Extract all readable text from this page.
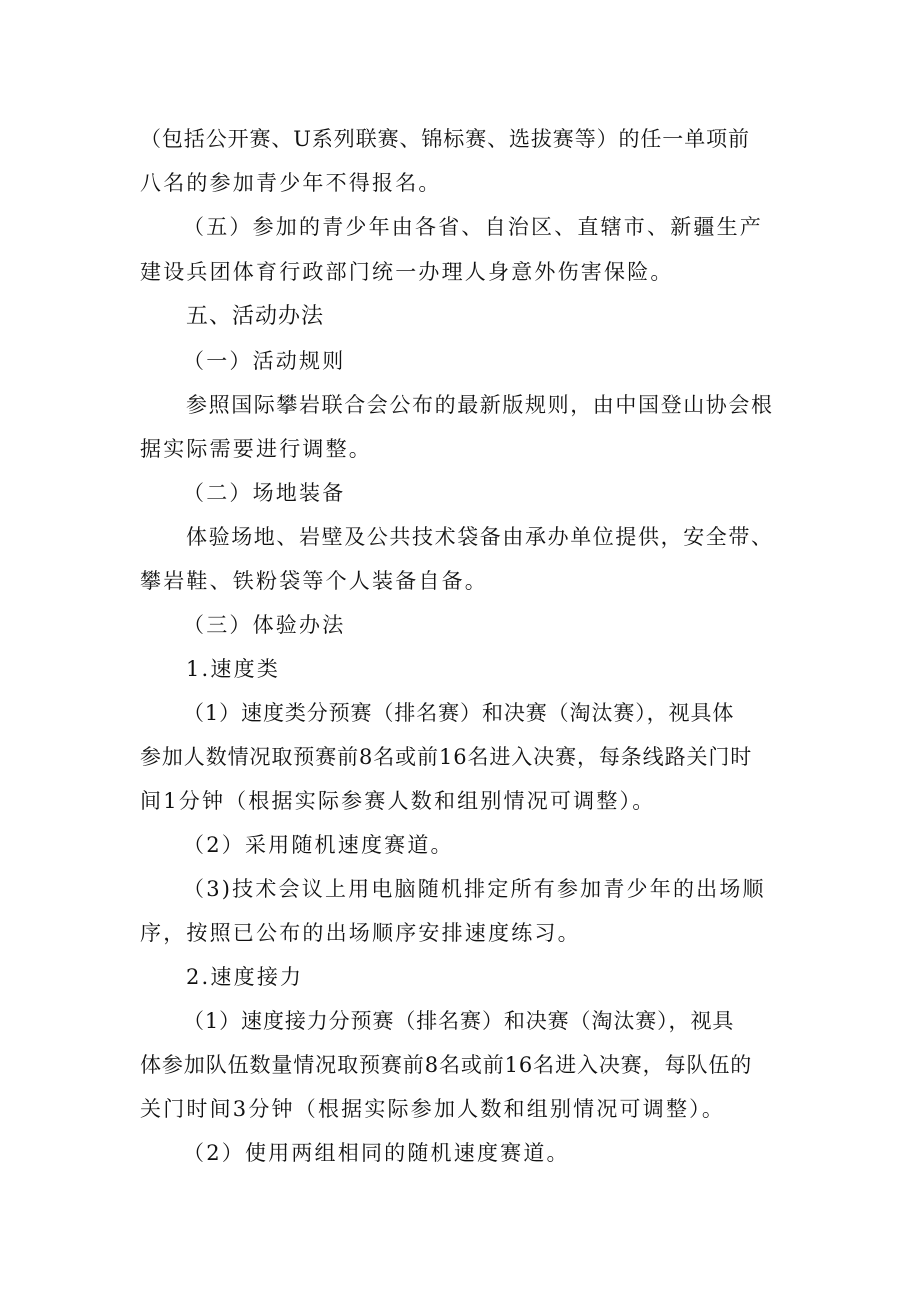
（包括公开赛、U系列联赛、锦标赛、选拔赛等）的任一单项前
八名的参加青少年不得报名。
（五）参加的青少年由各省、自治区、直辖市、新疆生产
建设兵团体育行政部门统一办理人身意外伤害保险。
五、活动办法
（一）活动规则
参照国际攀岩联合会公布的最新版规则，由中国登山协会根
据实际需要进行调整。
（二）场地装备
体验场地、岩壁及公共技术袋备由承办单位提供，安全带、
攀岩鞋、铁粉袋等个人装备自备。
（三）体验办法
1.速度类
（1）速度类分预赛（排名赛）和决赛（淘汰赛），视具体
参加人数情况取预赛前8名或前16名进入决赛，每条线路关门时
间1分钟（根据实际参赛人数和组别情况可调整）。
（2）采用随机速度赛道。
（3)技术会议上用电脑随机排定所有参加青少年的出场顺
序，按照已公布的出场顺序安排速度练习。
2.速度接力
（1）速度接力分预赛（排名赛）和决赛（淘汰赛），视具
体参加队伍数量情况取预赛前8名或前16名进入决赛，每队伍的
关门时间3分钟（根据实际参加人数和组别情况可调整）。
（2）使用两组相同的随机速度赛道。
